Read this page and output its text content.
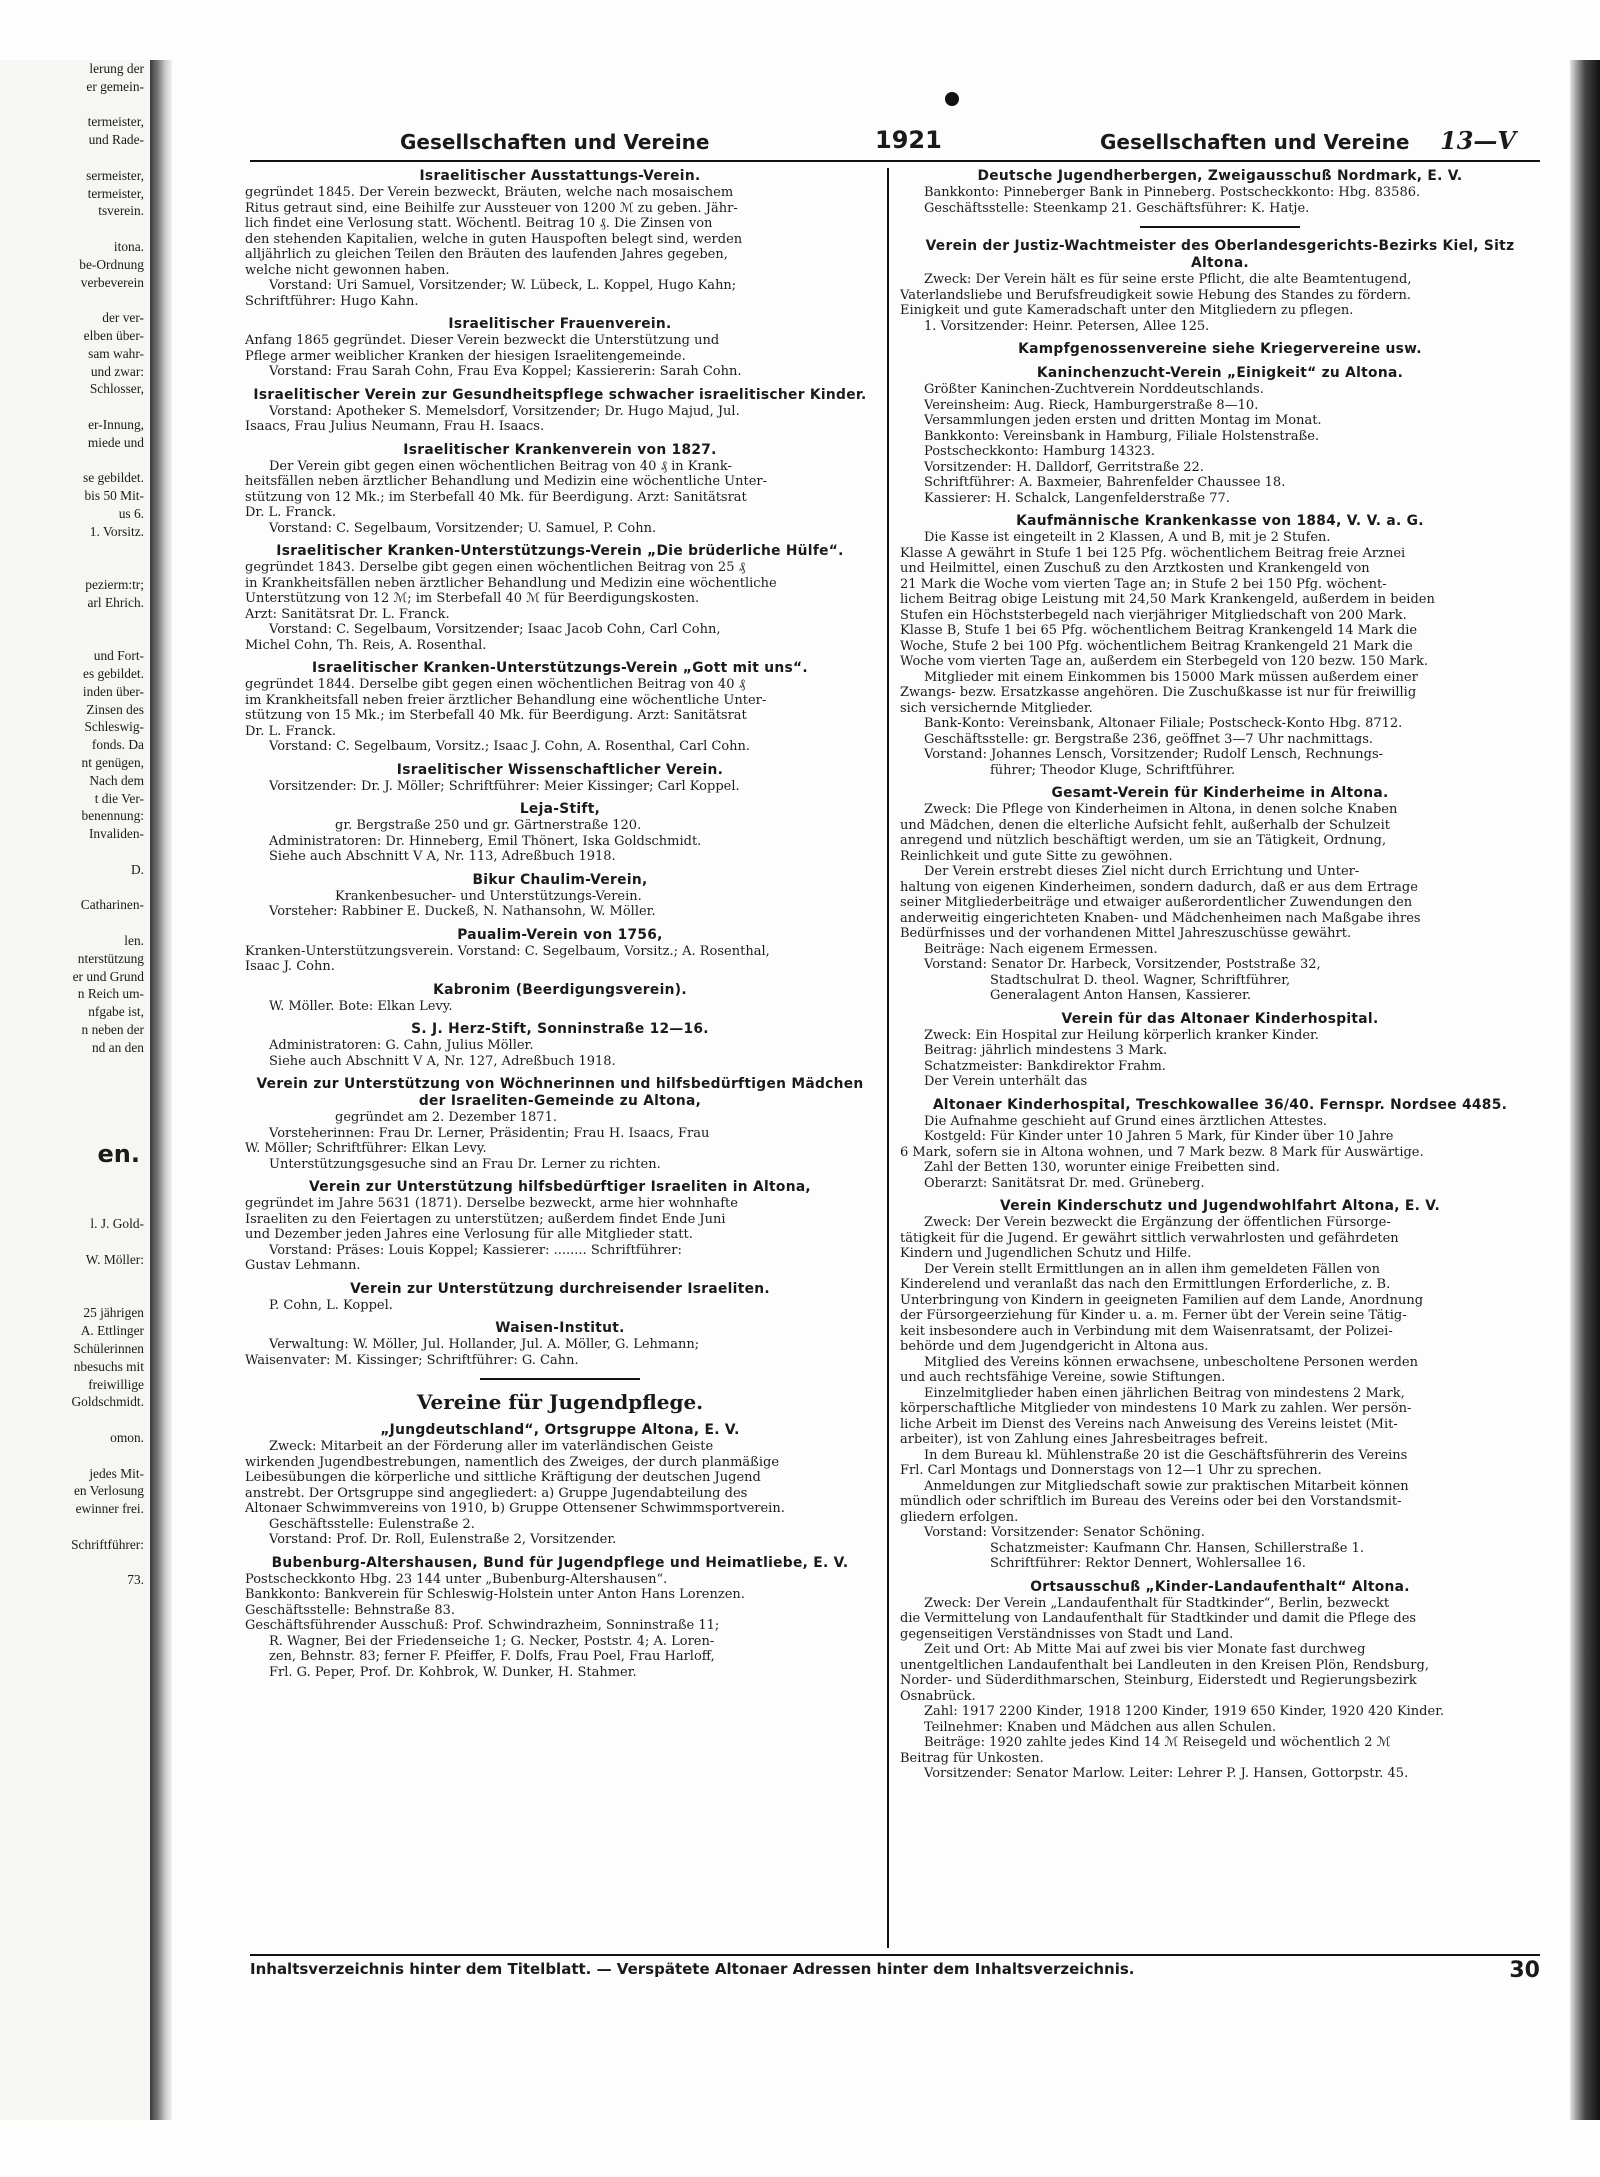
lerung der
er gemein-

termeister,
und Rade-

sermeister,
termeister,
tsverein.

itona.
be-Ordnung
verbeverein

der ver-
elben über-
sam wahr-
und zwar:
Schlosser,

er-Innung,
miede und

se gebildet.
bis 50 Mit-
us 6.
1. Vorsitz.

pezierm:tr;
arl Ehrich.

und Fort-
es gebildet.
inden über-
Zinsen des
Schleswig-
fonds. Da
nt genügen,
Nach dem
t die Ver-
benennung:
Invaliden-

D.

Catharinen-

len.
nterstützung
er und Grund
n Reich um-
nfgabe ist,
n neben der
nd an den

en.

l. J. Gold-

W. Möller:

25 jährigen
A. Ettlinger
Schülerinnen
nbesuchs mit
freiwillige
Goldschmidt.

omon.

jedes Mit-
en Verlosung
ewinner frei.

Schriftführer:

73.
Gesellschaften und Vereine	1921	Gesellschaften und Vereine 13—V
Israelitischer Ausstattungs-Verein.
gegründet 1845. Der Verein bezweckt, Bräuten, welche nach mosaischem
Ritus getraut sind, eine Beihilfe zur Aussteuer von 1200 ℳ zu geben. Jähr-
lich findet eine Verlosung statt. Wöchentl. Beitrag 10 ₰. Die Zinsen von
den stehenden Kapitalien, welche in guten Hauspoften belegt sind, werden
alljährlich zu gleichen Teilen den Bräuten des laufenden Jahres gegeben,
welche nicht gewonnen haben.
Vorstand: Uri Samuel, Vorsitzender; W. Lübeck, L. Koppel, Hugo Kahn;
Schriftführer: Hugo Kahn.
Israelitischer Frauenverein.
Anfang 1865 gegründet. Dieser Verein bezweckt die Unterstützung und
Pflege armer weiblicher Kranken der hiesigen Israelitengemeinde.
Vorstand: Frau Sarah Cohn, Frau Eva Koppel; Kassiererin: Sarah Cohn.
Israelitischer Verein zur Gesundheitspflege schwacher israelitischer Kinder.
Vorstand: Apotheker S. Memelsdorf, Vorsitzender; Dr. Hugo Majud, Jul.
Isaacs, Frau Julius Neumann, Frau H. Isaacs.
Israelitischer Krankenverein von 1827.
Der Verein gibt gegen einen wöchentlichen Beitrag von 40 ₰ in Krank-
heitsfällen neben ärztlicher Behandlung und Medizin eine wöchentliche Unter-
stützung von 12 Mk.; im Sterbefall 40 Mk. für Beerdigung. Arzt: Sanitätsrat
Dr. L. Franck.
Vorstand: C. Segelbaum, Vorsitzender; U. Samuel, P. Cohn.
Israelitischer Kranken-Unterstützungs-Verein „Die brüderliche Hülfe“.
gegründet 1843. Derselbe gibt gegen einen wöchentlichen Beitrag von 25 ₰
in Krankheitsfällen neben ärztlicher Behandlung und Medizin eine wöchentliche
Unterstützung von 12 ℳ; im Sterbefall 40 ℳ für Beerdigungskosten.
Arzt: Sanitätsrat Dr. L. Franck.
Vorstand: C. Segelbaum, Vorsitzender; Isaac Jacob Cohn, Carl Cohn,
Michel Cohn, Th. Reis, A. Rosenthal.
Israelitischer Kranken-Unterstützungs-Verein „Gott mit uns“.
gegründet 1844. Derselbe gibt gegen einen wöchentlichen Beitrag von 40 ₰
im Krankheitsfall neben freier ärztlicher Behandlung eine wöchentliche Unter-
stützung von 15 Mk.; im Sterbefall 40 Mk. für Beerdigung. Arzt: Sanitätsrat
Dr. L. Franck.
Vorstand: C. Segelbaum, Vorsitz.; Isaac J. Cohn, A. Rosenthal, Carl Cohn.
Israelitischer Wissenschaftlicher Verein.
Vorsitzender: Dr. J. Möller; Schriftführer: Meier Kissinger; Carl Koppel.
Leja-Stift,
gr. Bergstraße 250 und gr. Gärtnerstraße 120.
Administratoren: Dr. Hinneberg, Emil Thönert, Iska Goldschmidt.
Siehe auch Abschnitt V A, Nr. 113, Adreßbuch 1918.
Bikur Chaulim-Verein,
Krankenbesucher- und Unterstützungs-Verein.
Vorsteher: Rabbiner E. Duckeß, N. Nathansohn, W. Möller.
Paualim-Verein von 1756,
Kranken-Unterstützungsverein. Vorstand: C. Segelbaum, Vorsitz.; A. Rosenthal,
Isaac J. Cohn.
Kabronim (Beerdigungsverein).
W. Möller. Bote: Elkan Levy.
S. J. Herz-Stift, Sonninstraße 12—16.
Administratoren: G. Cahn, Julius Möller.
Siehe auch Abschnitt V A, Nr. 127, Adreßbuch 1918.
Verein zur Unterstützung von Wöchnerinnen und hilfsbedürftigen Mädchen der Israeliten-Gemeinde zu Altona,
gegründet am 2. Dezember 1871.
Vorsteherinnen: Frau Dr. Lerner, Präsidentin; Frau H. Isaacs, Frau
W. Möller; Schriftführer: Elkan Levy.
Unterstützungsgesuche sind an Frau Dr. Lerner zu richten.
Verein zur Unterstützung hilfsbedürftiger Israeliten in Altona,
gegründet im Jahre 5631 (1871). Derselbe bezweckt, arme hier wohnhafte
Israeliten zu den Feiertagen zu unterstützen; außerdem findet Ende Juni
und Dezember jeden Jahres eine Verlosung für alle Mitglieder statt.
Vorstand: Präses: Louis Koppel; Kassierer: ........ Schriftführer:
Gustav Lehmann.
Verein zur Unterstützung durchreisender Israeliten.
P. Cohn, L. Koppel.
Waisen-Institut.
Verwaltung: W. Möller, Jul. Hollander, Jul. A. Möller, G. Lehmann;
Waisenvater: M. Kissinger; Schriftführer: G. Cahn.
Vereine für Jugendpflege.
„Jungdeutschland“, Ortsgruppe Altona, E. V.
Zweck: Mitarbeit an der Förderung aller im vaterländischen Geiste
wirkenden Jugendbestrebungen, namentlich des Zweiges, der durch planmäßige
Leibesübungen die körperliche und sittliche Kräftigung der deutschen Jugend
anstrebt. Der Ortsgruppe sind angegliedert: a) Gruppe Jugendabteilung des
Altonaer Schwimmvereins von 1910, b) Gruppe Ottensener Schwimmsportverein.
Geschäftsstelle: Eulenstraße 2.
Vorstand: Prof. Dr. Roll, Eulenstraße 2, Vorsitzender.
Bubenburg-Altershausen, Bund für Jugendpflege und Heimatliebe, E. V.
Postscheckkonto Hbg. 23 144 unter „Bubenburg-Altershausen“.
Bankkonto: Bankverein für Schleswig-Holstein unter Anton Hans Lorenzen.
Geschäftsstelle: Behnstraße 83.
Geschäftsführender Ausschuß: Prof. Schwindrazheim, Sonninstraße 11;
R. Wagner, Bei der Friedenseiche 1; G. Necker, Poststr. 4; A. Loren-
zen, Behnstr. 83; ferner F. Pfeiffer, F. Dolfs, Frau Poel, Frau Harloff,
Frl. G. Peper, Prof. Dr. Kohbrok, W. Dunker, H. Stahmer.
Deutsche Jugendherbergen, Zweigausschuß Nordmark, E. V.
Bankkonto: Pinneberger Bank in Pinneberg. Postscheckkonto: Hbg. 83586.
Geschäftsstelle: Steenkamp 21. Geschäftsführer: K. Hatje.
Verein der Justiz-Wachtmeister des Oberlandesgerichts-Bezirks Kiel, Sitz Altona.
Zweck: Der Verein hält es für seine erste Pflicht, die alte Beamtentugend,
Vaterlandsliebe und Berufsfreudigkeit sowie Hebung des Standes zu fördern.
Einigkeit und gute Kameradschaft unter den Mitgliedern zu pflegen.
1. Vorsitzender: Heinr. Petersen, Allee 125.
Kampfgenossenvereine siehe Kriegervereine usw.
Kaninchenzucht-Verein „Einigkeit“ zu Altona.
Größter Kaninchen-Zuchtverein Norddeutschlands.
Vereinsheim: Aug. Rieck, Hamburgerstraße 8—10.
Versammlungen jeden ersten und dritten Montag im Monat.
Bankkonto: Vereinsbank in Hamburg, Filiale Holstenstraße.
Postscheckkonto: Hamburg 14323.
Vorsitzender: H. Dalldorf, Gerritstraße 22.
Schriftführer: A. Baxmeier, Bahrenfelder Chaussee 18.
Kassierer: H. Schalck, Langenfelderstraße 77.
Kaufmännische Krankenkasse von 1884, V. V. a. G.
Die Kasse ist eingeteilt in 2 Klassen, A und B, mit je 2 Stufen.
Klasse A gewährt in Stufe 1 bei 125 Pfg. wöchentlichem Beitrag freie Arznei
und Heilmittel, einen Zuschuß zu den Arztkosten und Krankengeld von
21 Mark die Woche vom vierten Tage an; in Stufe 2 bei 150 Pfg. wöchent-
lichem Beitrag obige Leistung mit 24,50 Mark Krankengeld, außerdem in beiden
Stufen ein Höchststerbegeld nach vierjähriger Mitgliedschaft von 200 Mark.
Klasse B, Stufe 1 bei 65 Pfg. wöchentlichem Beitrag Krankengeld 14 Mark die
Woche, Stufe 2 bei 100 Pfg. wöchentlichem Beitrag Krankengeld 21 Mark die
Woche vom vierten Tage an, außerdem ein Sterbegeld von 120 bezw. 150 Mark.
Mitglieder mit einem Einkommen bis 15000 Mark müssen außerdem einer
Zwangs- bezw. Ersatzkasse angehören. Die Zuschußkasse ist nur für freiwillig
sich versichernde Mitglieder.
Bank-Konto: Vereinsbank, Altonaer Filiale; Postscheck-Konto Hbg. 8712.
Geschäftsstelle: gr. Bergstraße 236, geöffnet 3—7 Uhr nachmittags.
Vorstand: Johannes Lensch, Vorsitzender; Rudolf Lensch, Rechnungs-
führer; Theodor Kluge, Schriftführer.
Gesamt-Verein für Kinderheime in Altona.
Zweck: Die Pflege von Kinderheimen in Altona, in denen solche Knaben
und Mädchen, denen die elterliche Aufsicht fehlt, außerhalb der Schulzeit
anregend und nützlich beschäftigt werden, um sie an Tätigkeit, Ordnung,
Reinlichkeit und gute Sitte zu gewöhnen.
Der Verein erstrebt dieses Ziel nicht durch Errichtung und Unter-
haltung von eigenen Kinderheimen, sondern dadurch, daß er aus dem Ertrage
seiner Mitgliederbeiträge und etwaiger außerordentlicher Zuwendungen den
anderweitig eingerichteten Knaben- und Mädchenheimen nach Maßgabe ihres
Bedürfnisses und der vorhandenen Mittel Jahreszuschüsse gewährt.
Beiträge: Nach eigenem Ermessen.
Vorstand: Senator Dr. Harbeck, Vorsitzender, Poststraße 32,
Stadtschulrat D. theol. Wagner, Schriftführer,
Generalagent Anton Hansen, Kassierer.
Verein für das Altonaer Kinderhospital.
Zweck: Ein Hospital zur Heilung körperlich kranker Kinder.
Beitrag: jährlich mindestens 3 Mark.
Schatzmeister: Bankdirektor Frahm.
Der Verein unterhält das
Altonaer Kinderhospital, Treschkowallee 36/40. Fernspr. Nordsee 4485.
Die Aufnahme geschieht auf Grund eines ärztlichen Attestes.
Kostgeld: Für Kinder unter 10 Jahren 5 Mark, für Kinder über 10 Jahre
6 Mark, sofern sie in Altona wohnen, und 7 Mark bezw. 8 Mark für Auswärtige.
Zahl der Betten 130, worunter einige Freibetten sind.
Oberarzt: Sanitätsrat Dr. med. Grüneberg.
Verein Kinderschutz und Jugendwohlfahrt Altona, E. V.
Zweck: Der Verein bezweckt die Ergänzung der öffentlichen Fürsorge-
tätigkeit für die Jugend. Er gewährt sittlich verwahrlosten und gefährdeten
Kindern und Jugendlichen Schutz und Hilfe.
Der Verein stellt Ermittlungen an in allen ihm gemeldeten Fällen von
Kinderelend und veranlaßt das nach den Ermittlungen Erforderliche, z. B.
Unterbringung von Kindern in geeigneten Familien auf dem Lande, Anordnung
der Fürsorgeerziehung für Kinder u. a. m. Ferner übt der Verein seine Tätig-
keit insbesondere auch in Verbindung mit dem Waisenratsamt, der Polizei-
behörde und dem Jugendgericht in Altona aus.
Mitglied des Vereins können erwachsene, unbescholtene Personen werden
und auch rechtsfähige Vereine, sowie Stiftungen.
Einzelmitglieder haben einen jährlichen Beitrag von mindestens 2 Mark,
körperschaftliche Mitglieder von mindestens 10 Mark zu zahlen. Wer persön-
liche Arbeit im Dienst des Vereins nach Anweisung des Vereins leistet (Mit-
arbeiter), ist von Zahlung eines Jahresbeitrages befreit.
In dem Bureau kl. Mühlenstraße 20 ist die Geschäftsführerin des Vereins
Frl. Carl Montags und Donnerstags von 12—1 Uhr zu sprechen.
Anmeldungen zur Mitgliedschaft sowie zur praktischen Mitarbeit können
mündlich oder schriftlich im Bureau des Vereins oder bei den Vorstandsmit-
gliedern erfolgen.
Vorstand: Vorsitzender: Senator Schöning.
Schatzmeister: Kaufmann Chr. Hansen, Schillerstraße 1.
Schriftführer: Rektor Dennert, Wohlersallee 16.
Ortsausschuß „Kinder-Landaufenthalt“ Altona.
Zweck: Der Verein „Landaufenthalt für Stadtkinder“, Berlin, bezweckt
die Vermittelung von Landaufenthalt für Stadtkinder und damit die Pflege des
gegenseitigen Verständnisses von Stadt und Land.
Zeit und Ort: Ab Mitte Mai auf zwei bis vier Monate fast durchweg
unentgeltlichen Landaufenthalt bei Landleuten in den Kreisen Plön, Rendsburg,
Norder- und Süderdithmarschen, Steinburg, Eiderstedt und Regierungsbezirk
Osnabrück.
Zahl: 1917 2200 Kinder, 1918 1200 Kinder, 1919 650 Kinder, 1920 420 Kinder.
Teilnehmer: Knaben und Mädchen aus allen Schulen.
Beiträge: 1920 zahlte jedes Kind 14 ℳ Reisegeld und wöchentlich 2 ℳ
Beitrag für Unkosten.
Vorsitzender: Senator Marlow. Leiter: Lehrer P. J. Hansen, Gottorpstr. 45.
Inhaltsverzeichnis hinter dem Titelblatt. — Verspätete Altonaer Adressen hinter dem Inhaltsverzeichnis.	30
